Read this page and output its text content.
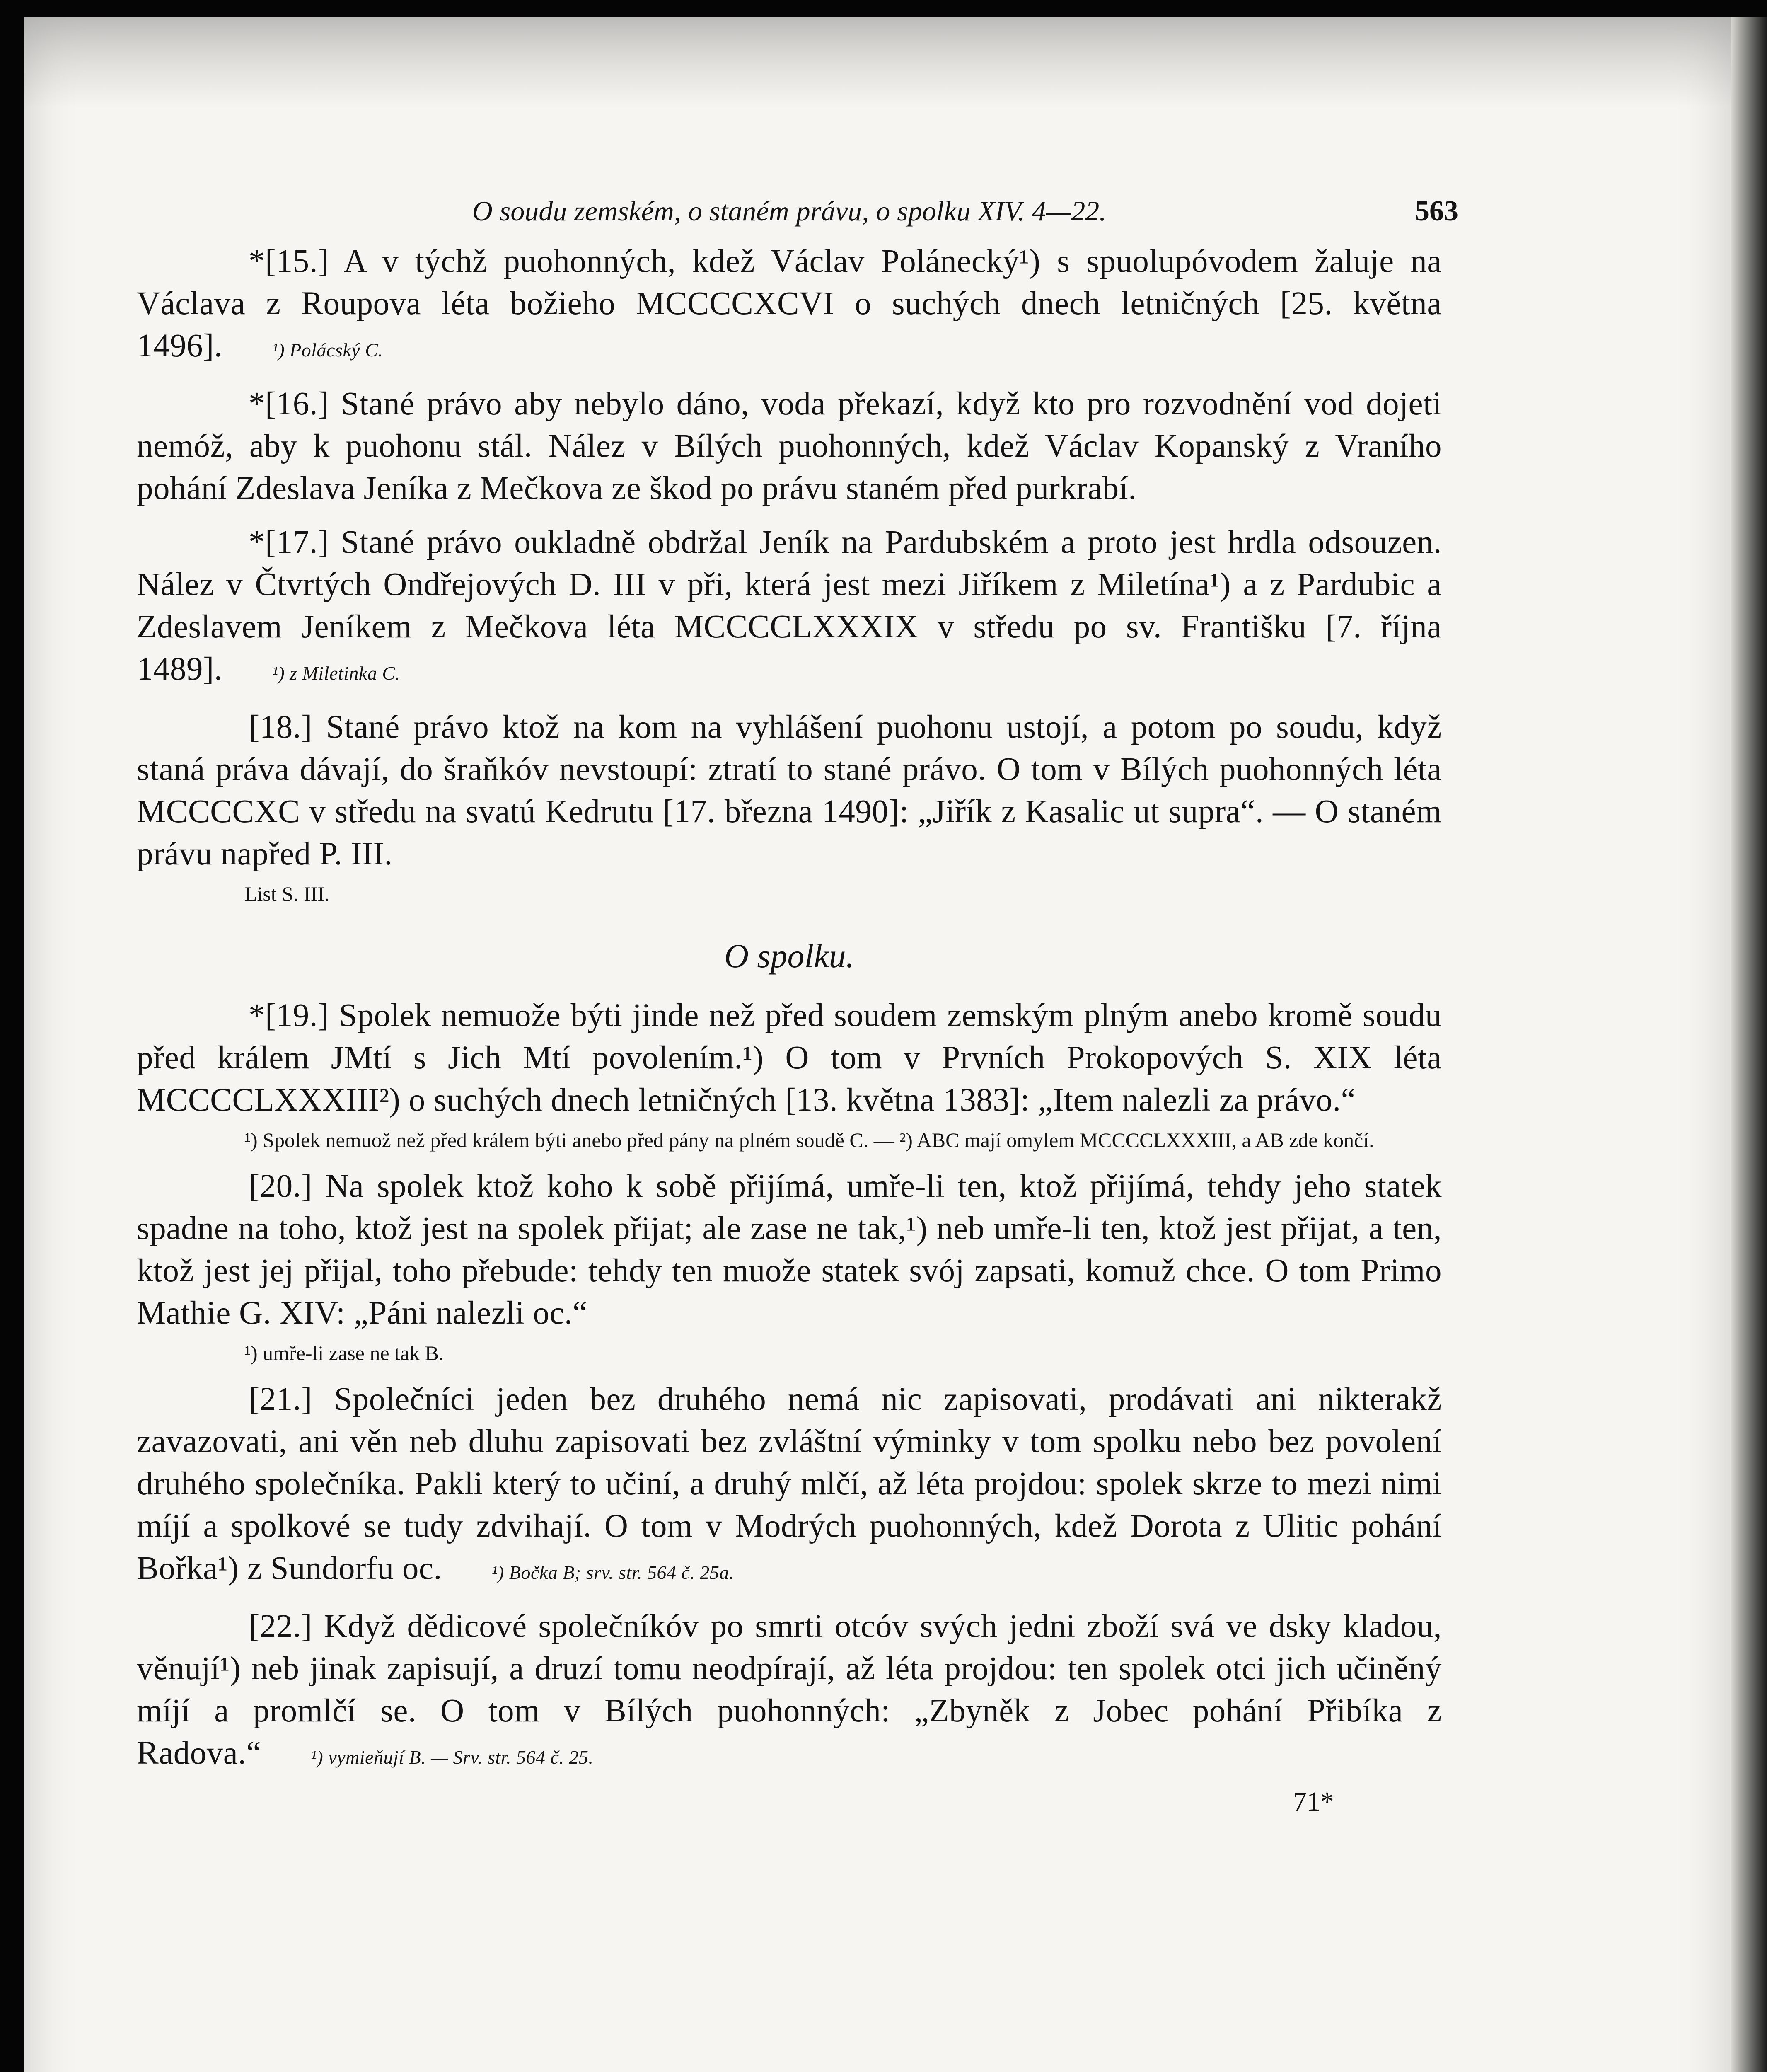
O soudu zemském, o staném právu, o spolku XIV. 4—22.	563

*[15.] A v týchž puohonných, kdež Václav Polánecký¹) s spuolupóvodem žaluje na Václava z Roupova léta božieho MCCCCXCVI o suchých dnech letničných [25. května 1496].	¹) Polácský C.

*[16.] Stané právo aby nebylo dáno, voda překazí, když kto pro rozvodnění vod dojeti nemóž, aby k puohonu stál. Nález v Bílých puohonných, kdež Václav Kopanský z Vraního pohání Zdeslava Jeníka z Mečkova ze škod po právu staném před purkrabí.

*[17.] Stané právo oukladně obdržal Jeník na Pardubském a proto jest hrdla odsouzen. Nález v Čtvrtých Ondřejových D. III v při, která jest mezi Jiříkem z Miletína¹) a z Pardubic a Zdeslavem Jeníkem z Mečkova léta MCCCCLXXXIX v středu po sv. Františku [7. října 1489].	¹) z Miletinka C.

[18.] Stané právo ktož na kom na vyhlášení puohonu ustojí, a potom po soudu, když staná práva dávají, do šraňkóv nevstoupí: ztratí to stané právo. O tom v Bílých puohonných léta MCCCCXC v středu na svatú Kedrutu [17. března 1490]: „Jiřík z Kasalic ut supra“. — O staném právu napřed P. III.

List S. III.
O spolku.

*[19.] Spolek nemuože býti jinde než před soudem zemským plným anebo kromě soudu před králem JMtí s Jich Mtí povolením.¹) O tom v Prvních Prokopových S. XIX léta MCCCCLXXXIII²) o suchých dnech letničných [13. května 1383]: „Item nalezli za právo.“

¹) Spolek nemuož než před králem býti anebo před pány na plném soudě C. — ²) ABC mají omylem MCCCCLXXXIII, a AB zde končí.

[20.] Na spolek ktož koho k sobě přijímá, umře-li ten, ktož přijímá, tehdy jeho statek spadne na toho, ktož jest na spolek přijat; ale zase ne tak,¹) neb umře-li ten, ktož jest přijat, a ten, ktož jest jej přijal, toho přebude: tehdy ten muože statek svój zapsati, komuž chce. O tom Primo Mathie G. XIV: „Páni nalezli oc.“

¹) umře-li zase ne tak B.

[21.] Společníci jeden bez druhého nemá nic zapisovati, prodávati ani nikterakž zavazovati, ani věn neb dluhu zapisovati bez zvláštní výminky v tom spolku nebo bez povolení druhého společníka. Pakli který to učiní, a druhý mlčí, až léta projdou: spolek skrze to mezi nimi míjí a spolkové se tudy zdvihají. O tom v Modrých puohonných, kdež Dorota z Ulitic pohání Bořka¹) z Sundorfu oc.	¹) Bočka B; srv. str. 564 č. 25a.

[22.] Když dědicové společníkóv po smrti otcóv svých jedni zboží svá ve dsky kladou, věnují¹) neb jinak zapisují, a druzí tomu neodpírají, až léta projdou: ten spolek otci jich učiněný míjí a promlčí se. O tom v Bílých puohonných: „Zbyněk z Jobec pohání Přibíka z Radova.“	¹) vymieňují B. — Srv. str. 564 č. 25.

71*
